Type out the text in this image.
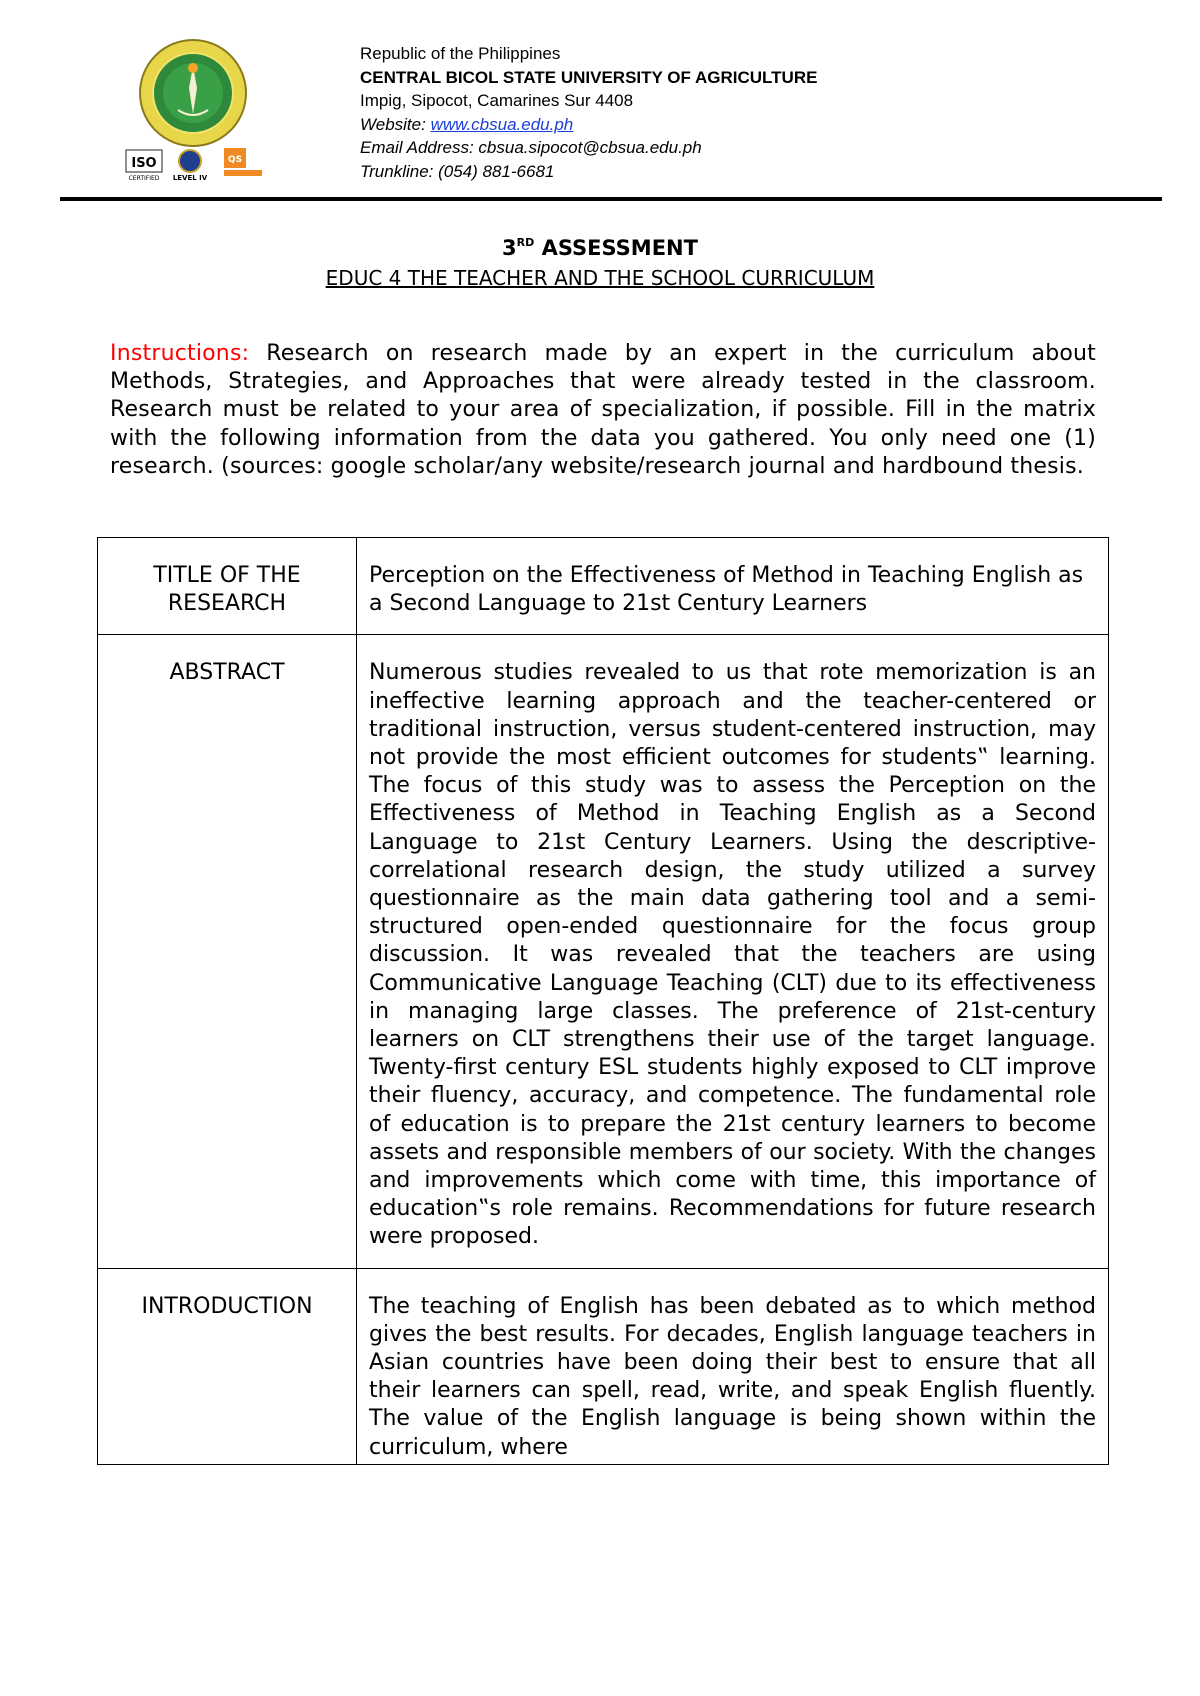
ISO
CERTIFIED LEVEL IV
QS
Republic of the Philippines
CENTRAL BICOL STATE UNIVERSITY OF AGRICULTURE
Impig, Sipocot, Camarines Sur 4408
Website: www.cbsua.edu.ph
Email Address: cbsua.sipocot@cbsua.edu.ph
Trunkline: (054) 881-6681
3RD ASSESSMENT
EDUC 4 THE TEACHER AND THE SCHOOL CURRICULUM
Instructions: Research on research made by an expert in the curriculum about Methods, Strategies, and Approaches that were already tested in the classroom. Research must be related to your area of specialization, if possible. Fill in the matrix with the following information from the data you gathered. You only need one (1) research. (sources: google scholar/any website/research journal and hardbound thesis.
TITLE OF THE RESEARCH	Perception on the Effectiveness of Method in Teaching English as a Second Language to 21st Century Learners
ABSTRACT	Numerous studies revealed to us that rote memorization is an ineffective learning approach and the teacher-centered or traditional instruction, versus student-centered instruction, may not provide the most efficient outcomes for students‟ learning. The focus of this study was to assess the Perception on the Effectiveness of Method in Teaching English as a Second Language to 21st Century Learners. Using the descriptive-correlational research design, the study utilized a survey questionnaire as the main data gathering tool and a semi-structured open-ended questionnaire for the focus group discussion. It was revealed that the teachers are using Communicative Language Teaching (CLT) due to its effectiveness in managing large classes. The preference of 21st-century learners on CLT strengthens their use of the target language. Twenty-first century ESL students highly exposed to CLT improve their fluency, accuracy, and competence. The fundamental role of education is to prepare the 21st century learners to become assets and responsible members of our society. With the changes and improvements which come with time, this importance of education‟s role remains. Recommendations for future research were proposed.
INTRODUCTION	The teaching of English has been debated as to which method gives the best results. For decades, English language teachers in Asian countries have been doing their best to ensure that all their learners can spell, read, write, and speak English fluently. The value of the English language is being shown within the curriculum, where
